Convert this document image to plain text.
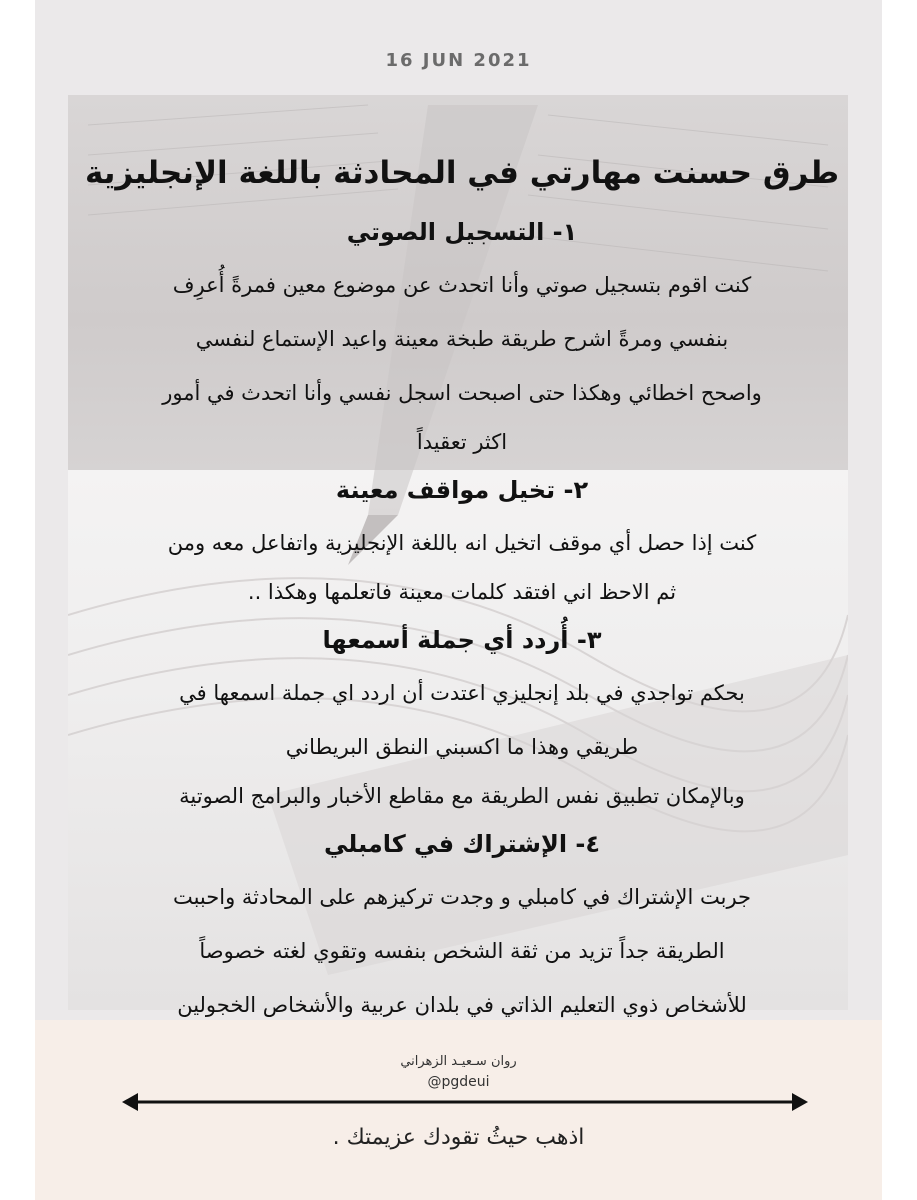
16 JUN 2021
طرق حسنت مهارتي في المحادثة باللغة الإنجليزية
١- التسجيل الصوتي
كنت اقوم بتسجيل صوتي وأنا اتحدث عن موضوع معين فمرةً أُعرِف
بنفسي ومرةً اشرح طريقة طبخة معينة واعيد الإستماع لنفسي
واصحح اخطائي وهكذا حتى اصبحت اسجل نفسي وأنا اتحدث في أمور
اكثر تعقيداً
٢- تخيل مواقف معينة
كنت إذا حصل أي موقف اتخيل انه باللغة الإنجليزية واتفاعل معه ومن
ثم الاحظ اني افتقد كلمات معينة فاتعلمها وهكذا ..
٣- أُردد أي جملة أسمعها
بحكم تواجدي في بلد إنجليزي اعتدت أن اردد اي جملة اسمعها في
طريقي وهذا ما اكسبني النطق البريطاني
وبالإمكان تطبيق نفس الطريقة مع مقاطع الأخبار والبرامج الصوتية
٤- الإشتراك في كامبلي
جربت الإشتراك في كامبلي و وجدت تركيزهم على المحادثة واحببت
الطريقة جداً تزيد من ثقة الشخص بنفسه وتقوي لغته خصوصاً
للأشخاص ذوي التعليم الذاتي في بلدان عربية والأشخاص الخجولين
روان سـعيـد الزهراني
@pgdeui
اذهب حيثُ تقودك عزيمتك .
